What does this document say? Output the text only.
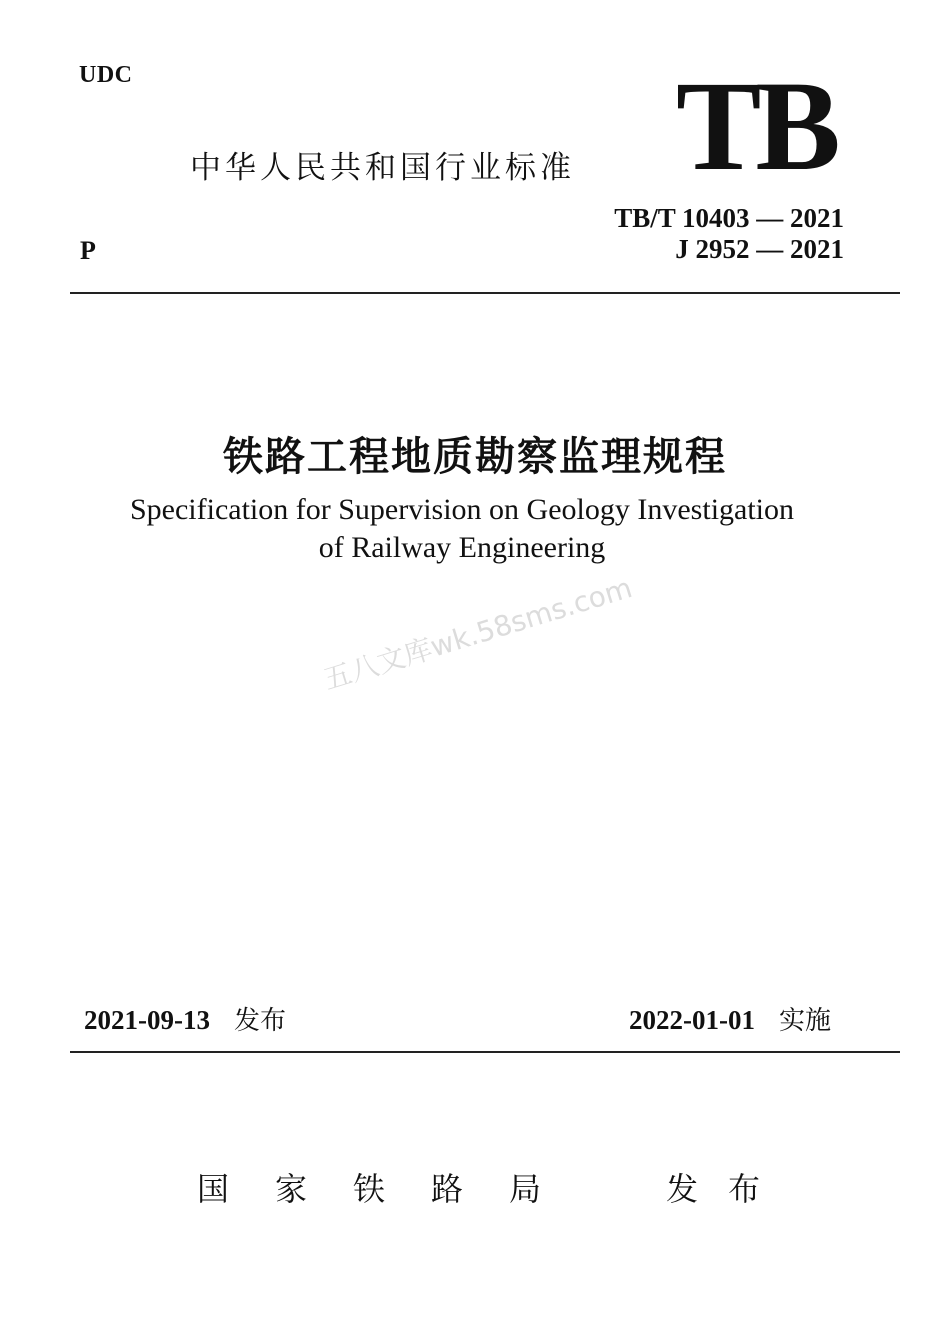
UDC
中华人民共和国行业标准 TB
P
TB/T 10403 — 2021
J 2952 — 2021
铁路工程地质勘察监理规程
Specification for Supervision on Geology Investigation
of Railway Engineering
五八文库wk.58sms.com
2021-09-13 发布	2022-01-01 实施
国家铁路局 发布
